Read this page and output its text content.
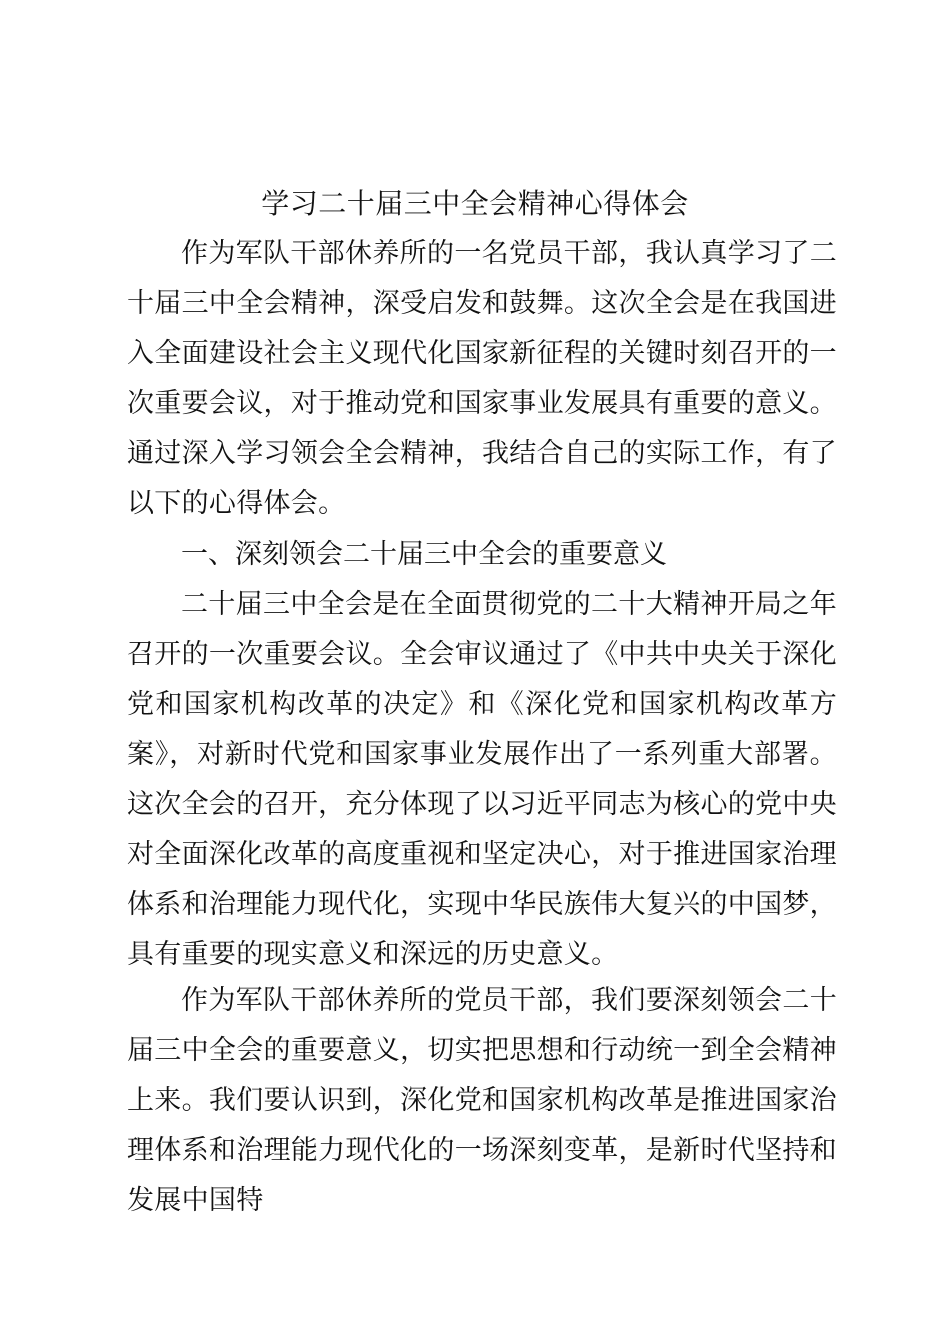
学习二十届三中全会精神心得体会

作为军队干部休养所的一名党员干部，我认真学习了二十届三中全会精神，深受启发和鼓舞。这次全会是在我国进入全面建设社会主义现代化国家新征程的关键时刻召开的一次重要会议，对于推动党和国家事业发展具有重要的意义。通过深入学习领会全会精神，我结合自己的实际工作，有了以下的心得体会。

一、深刻领会二十届三中全会的重要意义

二十届三中全会是在全面贯彻党的二十大精神开局之年召开的一次重要会议。全会审议通过了《中共中央关于深化党和国家机构改革的决定》和《深化党和国家机构改革方案》，对新时代党和国家事业发展作出了一系列重大部署。这次全会的召开，充分体现了以习近平同志为核心的党中央对全面深化改革的高度重视和坚定决心，对于推进国家治理体系和治理能力现代化，实现中华民族伟大复兴的中国梦，具有重要的现实意义和深远的历史意义。

作为军队干部休养所的党员干部，我们要深刻领会二十届三中全会的重要意义，切实把思想和行动统一到全会精神上来。我们要认识到，深化党和国家机构改革是推进国家治理体系和治理能力现代化的一场深刻变革，是新时代坚持和发展中国特
